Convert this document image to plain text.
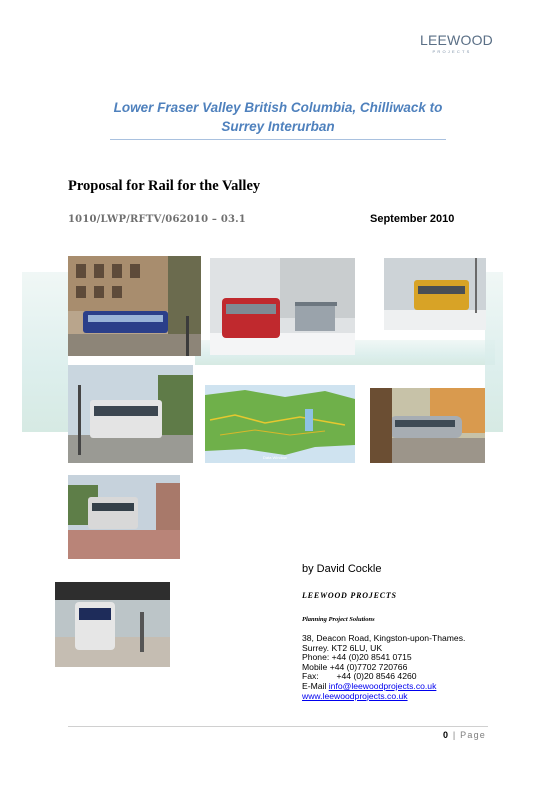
LEEWOOD
PROJECTS
Lower Fraser Valley British Columbia, Chilliwack to
Surrey Interurban
Proposal for Rail for the Valley
1010/LWP/RFTV/062010 – 03.1	September 2010
Data Window
by David Cockle
LEEWOOD PROJECTS
Planning Project Solutions
38, Deacon Road, Kingston-upon-Thames.
Surrey. KT2 6LU, UK
Phone: +44 (0)20 8541 0715
Mobile +44 (0)7702 720766
Fax: +44 (0)20 8546 4260
E-Mail info@leewoodprojects.co.uk
www.leewoodprojects.co.uk
0 | Page
